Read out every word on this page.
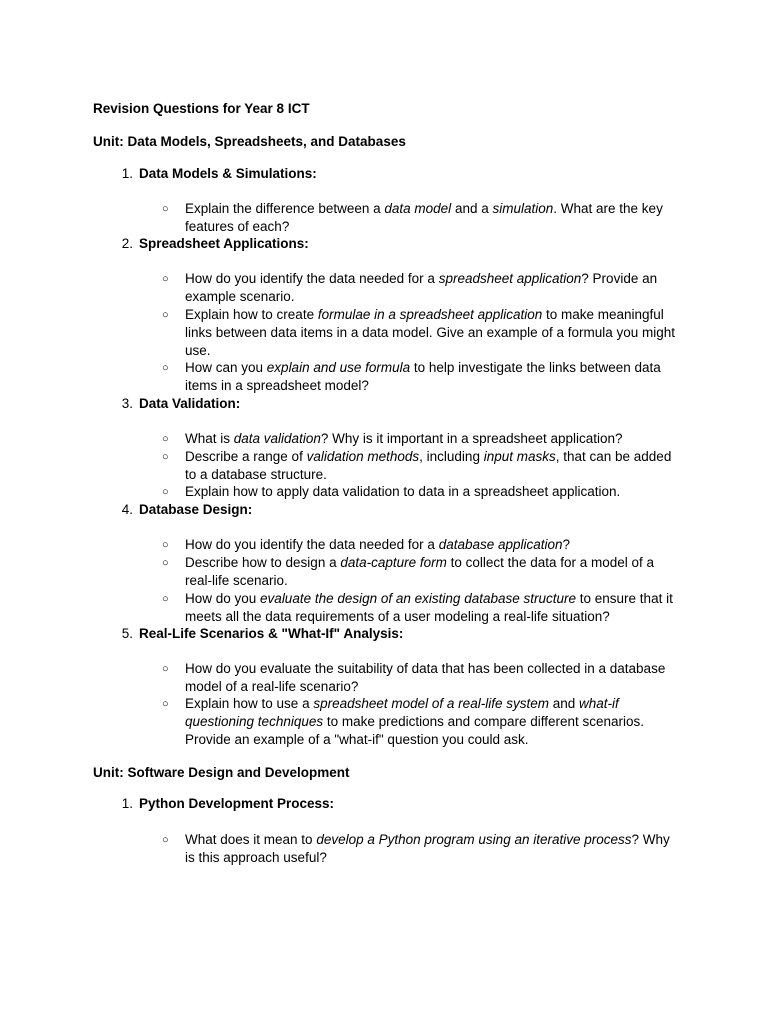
Revision Questions for Year 8 ICT
Unit: Data Models, Spreadsheets, and Databases
1. Data Models & Simulations:
○	Explain the difference between a data model and a simulation. What are the key features of each?
2. Spreadsheet Applications:
○	How do you identify the data needed for a spreadsheet application? Provide an example scenario.
○	Explain how to create formulae in a spreadsheet application to make meaningful links between data items in a data model. Give an example of a formula you might use.
○	How can you explain and use formula to help investigate the links between data items in a spreadsheet model?
3. Data Validation:
○	What is data validation? Why is it important in a spreadsheet application?
○	Describe a range of validation methods, including input masks, that can be added to a database structure.
○	Explain how to apply data validation to data in a spreadsheet application.
4. Database Design:
○	How do you identify the data needed for a database application?
○	Describe how to design a data-capture form to collect the data for a model of a real-life scenario.
○	How do you evaluate the design of an existing database structure to ensure that it meets all the data requirements of a user modeling a real-life situation?
5. Real-Life Scenarios & "What-If" Analysis:
○	How do you evaluate the suitability of data that has been collected in a database model of a real-life scenario?
○	Explain how to use a spreadsheet model of a real-life system and what-if questioning techniques to make predictions and compare different scenarios. Provide an example of a "what-if" question you could ask.
Unit: Software Design and Development
1. Python Development Process:
○	What does it mean to develop a Python program using an iterative process? Why is this approach useful?
